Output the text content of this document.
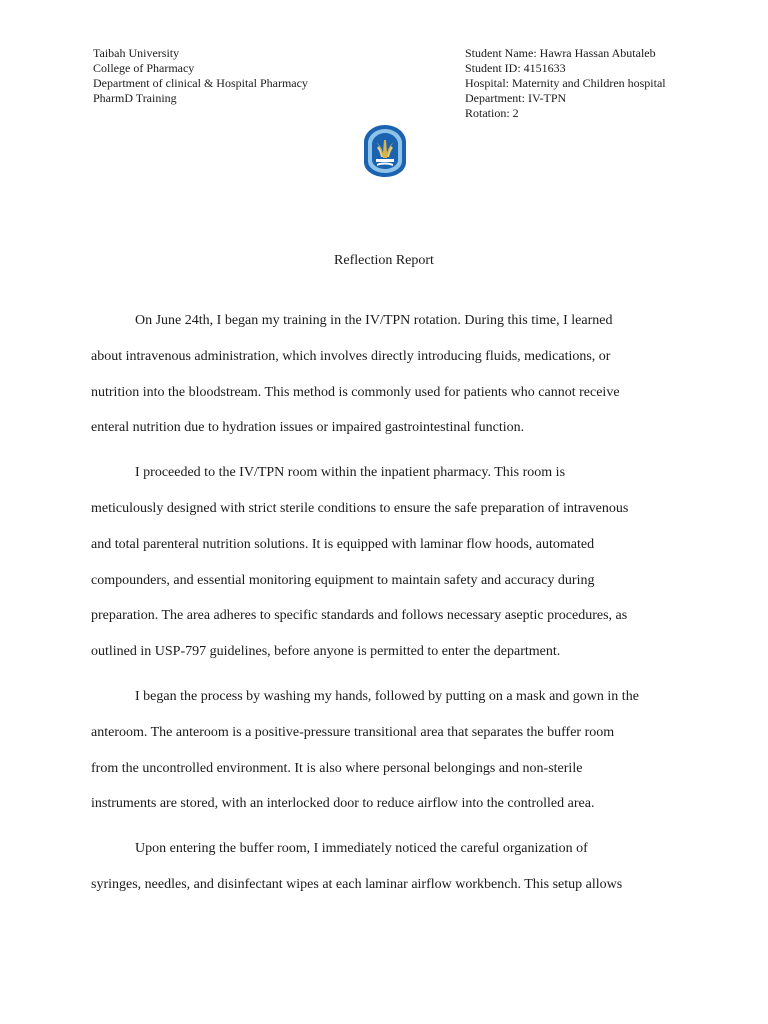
Taibah University
College of Pharmacy
Department of clinical & Hospital Pharmacy
PharmD Training
Student Name: Hawra Hassan Abutaleb
Student ID: 4151633
Hospital: Maternity and Children hospital
Department: IV-TPN
Rotation: 2
Reflection Report

On June 24th, I began my training in the IV/TPN rotation. During this time, I learned
about intravenous administration, which involves directly introducing fluids, medications, or
nutrition into the bloodstream. This method is commonly used for patients who cannot receive
enteral nutrition due to hydration issues or impaired gastrointestinal function.

I proceeded to the IV/TPN room within the inpatient pharmacy. This room is
meticulously designed with strict sterile conditions to ensure the safe preparation of intravenous
and total parenteral nutrition solutions. It is equipped with laminar flow hoods, automated
compounders, and essential monitoring equipment to maintain safety and accuracy during
preparation. The area adheres to specific standards and follows necessary aseptic procedures, as
outlined in USP-797 guidelines, before anyone is permitted to enter the department.

I began the process by washing my hands, followed by putting on a mask and gown in the
anteroom. The anteroom is a positive-pressure transitional area that separates the buffer room
from the uncontrolled environment. It is also where personal belongings and non-sterile
instruments are stored, with an interlocked door to reduce airflow into the controlled area.

Upon entering the buffer room, I immediately noticed the careful organization of
syringes, needles, and disinfectant wipes at each laminar airflow workbench. This setup allows
